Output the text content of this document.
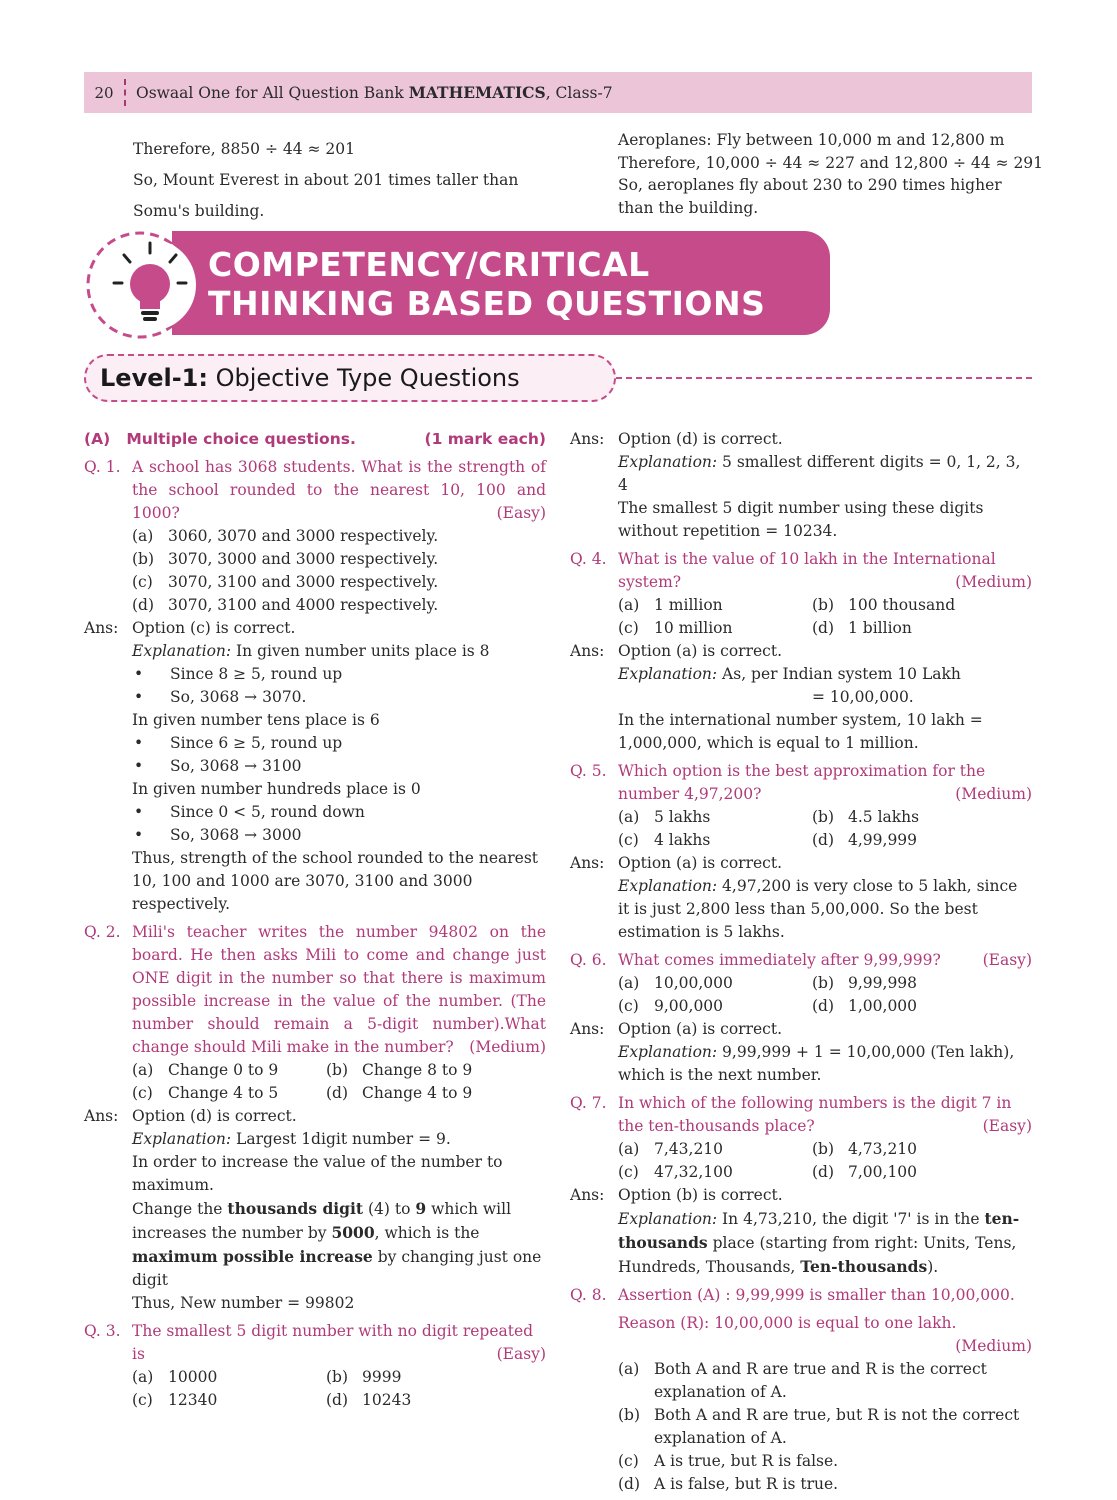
20	Oswaal One for All Question Bank MATHEMATICS, Class-7

Therefore, 8850 ÷ 44 ≈ 201

So, Mount Everest in about 201 times taller than

Somu's building.

Aeroplanes: Fly between 10,000 m and 12,800 m

Therefore, 10,000 ÷ 44 ≈ 227 and 12,800 ÷ 44 ≈ 291

So, aeroplanes fly about 230 to 290 times higher

than the building.

COMPETENCY/CRITICAL
THINKING BASED QUESTIONS
Level-1: Objective Type Questions
(A) Multiple choice questions.	(1 mark each)
Q. 1. A school has 3068 students. What is the strength of the school rounded to the nearest 10, 100 and 1000?	(Easy)
(a) 3060, 3070 and 3000 respectively.
(b) 3070, 3000 and 3000 respectively.
(c) 3070, 3100 and 3000 respectively.
(d) 3070, 3100 and 4000 respectively.
Ans: Option (c) is correct.
Explanation: In given number units place is 8
•	Since 8 ≥ 5, round up
•	So, 3068 → 3070.
In given number tens place is 6
•	Since 6 ≥ 5, round up
•	So, 3068 → 3100
In given number hundreds place is 0
•	Since 0 < 5, round down
•	So, 3068 → 3000
Thus, strength of the school rounded to the nearest 10, 100 and 1000 are 3070, 3100 and 3000 respectively.
Q. 2. Mili's teacher writes the number 94802 on the board. He then asks Mili to come and change just ONE digit in the number so that there is maximum possible increase in the value of the number. (The number should remain a 5-digit number).What change should Mili make in the number? (Medium)
(a) Change 0 to 9	(b) Change 8 to 9
(c) Change 4 to 5	(d) Change 4 to 9
Ans: Option (d) is correct.
Explanation: Largest 1digit number = 9.
In order to increase the value of the number to maximum.
Change the thousands digit (4) to 9 which will increases the number by 5000, which is the maximum possible increase by changing just one digit
Thus, New number = 99802
Q. 3. The smallest 5 digit number with no digit repeated is	(Easy)
(a) 10000	(b) 9999
(c) 12340	(d) 10243
Ans: Option (d) is correct.
Explanation: 5 smallest different digits = 0, 1, 2, 3, 4
The smallest 5 digit number using these digits without repetition = 10234.
Q. 4. What is the value of 10 lakh in the International system?	(Medium)
(a) 1 million	(b) 100 thousand
(c) 10 million	(d) 1 billion
Ans: Option (a) is correct.
Explanation: As, per Indian system 10 Lakh
= 10,00,000.
In the international number system, 10 lakh = 1,000,000, which is equal to 1 million.
Q. 5. Which option is the best approximation for the number 4,97,200?	(Medium)
(a) 5 lakhs	(b) 4.5 lakhs
(c) 4 lakhs	(d) 4,99,999
Ans: Option (a) is correct.
Explanation: 4,97,200 is very close to 5 lakh, since it is just 2,800 less than 5,00,000. So the best estimation is 5 lakhs.
Q. 6. What comes immediately after 9,99,999?	(Easy)
(a) 10,00,000	(b) 9,99,998
(c) 9,00,000	(d) 1,00,000
Ans: Option (a) is correct.
Explanation: 9,99,999 + 1 = 10,00,000 (Ten lakh), which is the next number.
Q. 7. In which of the following numbers is the digit 7 in the ten-thousands place?	(Easy)
(a) 7,43,210	(b) 4,73,210
(c) 47,32,100	(d) 7,00,100
Ans: Option (b) is correct.
Explanation: In 4,73,210, the digit '7' is in the ten-thousands place (starting from right: Units, Tens, Hundreds, Thousands, Ten-thousands).
Q. 8. Assertion (A) : 9,99,999 is smaller than 10,00,000.
Reason (R): 10,00,000 is equal to one lakh.
(Medium)
(a) Both A and R are true and R is the correct explanation of A.
(b) Both A and R are true, but R is not the correct explanation of A.
(c) A is true, but R is false.
(d) A is false, but R is true.
